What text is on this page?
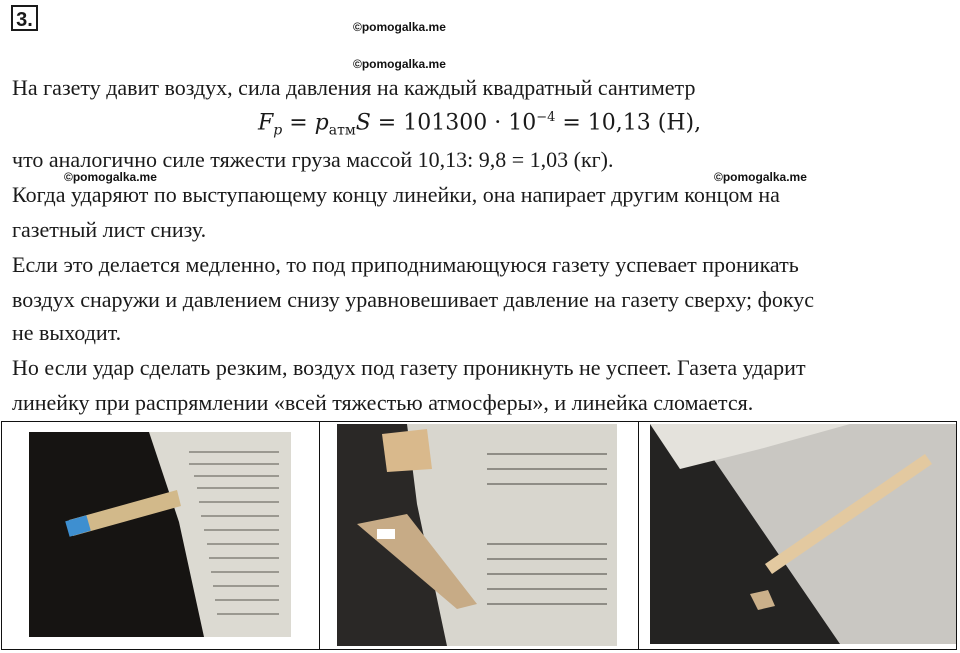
3.	©pomogalka.me
©pomogalka.me
©pomogalka.me	©pomogalka.me
На газету давит воздух, сила давления на каждый квадратный сантиметр
$F_p = p_{атм}S = 101300 \cdot 10^{-4} = 10,13$ (Н),
что аналогично силе тяжести груза массой 10,13: 9,8 = 1,03 (кг).
Когда ударяют по выступающему концу линейки, она напирает другим концом на
газетный лист снизу.
Если это делается медленно, то под приподнимающуюся газету успевает проникать
воздух снаружи и давлением снизу уравновешивает давление на газету сверху; фокус
не выходит.
Но если удар сделать резким, воздух под газету проникнуть не успеет. Газета ударит
линейку при распрямлении «всей тяжестью атмосферы», и линейка сломается.
